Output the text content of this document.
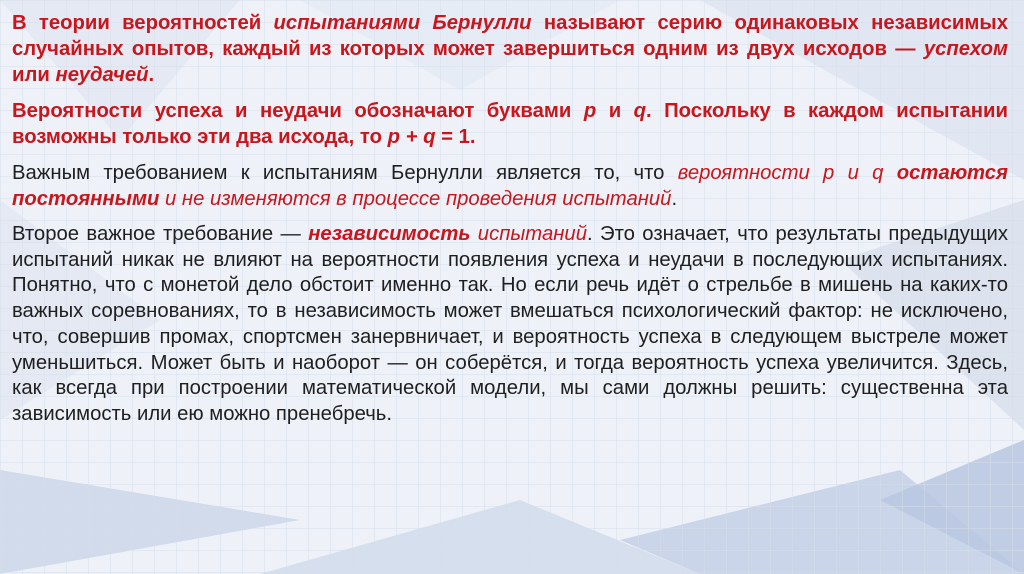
В теории вероятностей испытаниями Бернулли называют серию одинаковых независимых случайных опытов, каждый из которых может завершиться одним из двух исходов — успехом или неудачей.

Вероятности успеха и неудачи обозначают буквами p и q. Поскольку в каждом испытании возможны только эти два исхода, то p + q = 1.

Важным требованием к испытаниям Бернулли является то, что вероятности p и q остаются постоянными и не изменяются в процессе проведения испытаний.

Второе важное требование — независимость испытаний. Это означает, что результаты предыдущих испытаний никак не влияют на вероятности появления успеха и неудачи в последующих испытаниях. Понятно, что с монетой дело обстоит именно так. Но если речь идёт о стрельбе в мишень на каких-то важных соревнованиях, то в независимость может вмешаться психологический фактор: не исключено, что, совершив промах, спортсмен занервничает, и вероятность успеха в следующем выстреле может уменьшиться. Может быть и наоборот — он соберётся, и тогда вероятность успеха увеличится. Здесь, как всегда при построении математической модели, мы сами должны решить: существенна эта зависимость или ею можно пренебречь.
